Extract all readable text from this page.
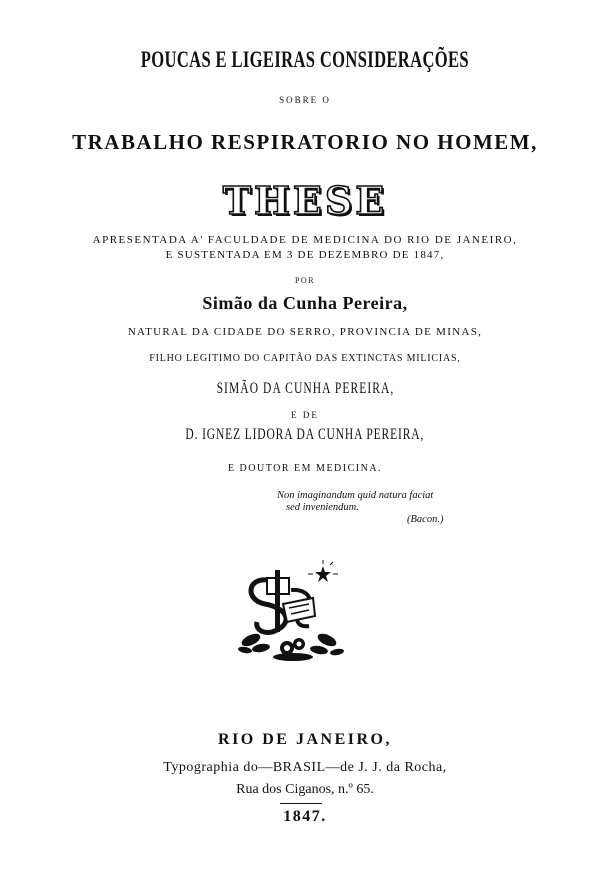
POUCAS E LIGEIRAS CONSIDERAÇÕES
SOBRE O
TRABALHO RESPIRATORIO NO HOMEM,
THESE
APRESENTADA A' FACULDADE DE MEDICINA DO RIO DE JANEIRO,
E SUSTENTADA EM 3 DE DEZEMBRO DE 1847,
POR
Simão da Cunha Pereira,
NATURAL DA CIDADE DO SERRO, PROVINCIA DE MINAS,
FILHO LEGITIMO DO CAPITÃO DAS EXTINCTAS MILICIAS,
SIMÃO DA CUNHA PEREIRA,
E DE
D. IGNEZ LIDORA DA CUNHA PEREIRA,
E DOUTOR EM MEDICINA.
Non imaginandum quid natura faciat
sed inveniendum.
(Bacon.)
RIO DE JANEIRO,
Typographia do—BRASIL—de J. J. da Rocha,
Rua dos Ciganos, n.º 65.
1847.
